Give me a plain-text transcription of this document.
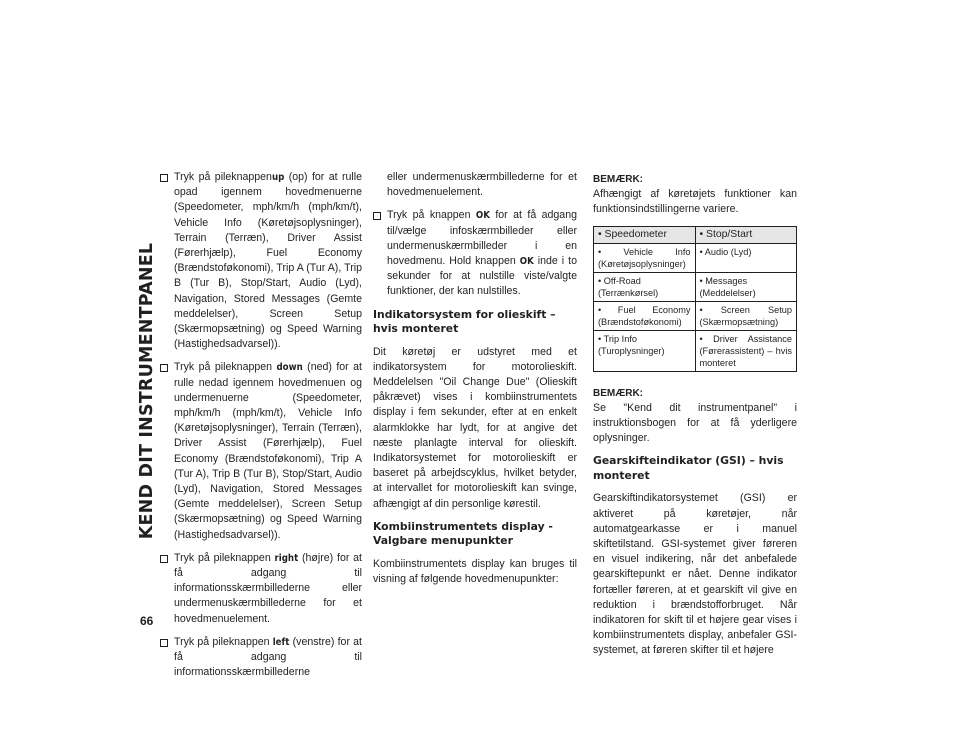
KEND DIT INSTRUMENTPANEL
66
Tryk på pileknappenup (op) for at rulle opad igennem hovedmenuerne (Speedometer, mph/km/h (mph/km/t), Vehicle Info (Køretøjsoplysninger), Terrain (Terræn), Driver Assist (Førerhjælp), Fuel Economy (Brændstoføkonomi), Trip A (Tur A), Trip B (Tur B), Stop/Start, Audio (Lyd), Navigation, Stored Messages (Gemte meddelelser), Screen Setup (Skærmopsætning) og Speed Warning (Hastighedsadvarsel)).
Tryk på pileknappen down (ned) for at rulle nedad igennem hovedmenuen og undermenuerne (Speedometer, mph/km/h (mph/km/t), Vehicle Info (Køretøjsoplysninger), Terrain (Terræn), Driver Assist (Førerhjælp), Fuel Economy (Brændstoføkonomi), Trip A (Tur A), Trip B (Tur B), Stop/Start, Audio (Lyd), Navigation, Stored Messages (Gemte meddelelser), Screen Setup (Skærmopsætning) og Speed Warning (Hastighedsadvarsel)).
Tryk på pileknappen right (højre) for at få adgang til informationsskærmbillederne eller undermenuskærmbillederne for et hovedmenuelement.
Tryk på pileknappen left (venstre) for at få adgang til informationsskærmbillederne
eller undermenuskærmbillederne for et hovedmenuelement.
Tryk på knappen OK for at få adgang til/vælge infoskærmbilleder eller undermenuskærmbilleder i en hovedmenu. Hold knappen OK inde i to sekunder for at nulstille viste/valgte funktioner, der kan nulstilles.
Indikatorsystem for olieskift – hvis monteret

Dit køretøj er udstyret med et indikatorsystem for motorolieskift. Meddelelsen "Oil Change Due" (Olieskift påkrævet) vises i kombiinstrumentets display i fem sekunder, efter at en enkelt alarmklokke har lydt, for at angive det næste planlagte interval for olieskift. Indikatorsystemet for motorolieskift er baseret på arbejdscyklus, hvilket betyder, at intervallet for motorolieskift kan svinge, afhængigt af din personlige kørestil.

Kombiinstrumentets display - Valgbare menupunkter

Kombiinstrumentets display kan bruges til visning af følgende hovedmenupunkter:

BEMÆRK:

Afhængigt af køretøjets funktioner kan funktionsindstillingerne variere.

• Speedometer	• Stop/Start
• Vehicle Info (Køretøjsoplysninger)	• Audio (Lyd)
• Off-Road (Terrænkørsel)	• Messages (Meddelelser)
• Fuel Economy (Brændstoføkonomi)	• Screen Setup (Skærmopsætning)
• Trip Info (Turoplysninger)	• Driver Assistance (Førerassistent) – hvis monteret
BEMÆRK:

Se "Kend dit instrumentpanel" i instruktionsbogen for at få yderligere oplysninger.

Gearskifteindikator (GSI) – hvis monteret

Gearskiftindikatorsystemet (GSI) er aktiveret på køretøjer, når automatgearkasse er i manuel skiftetilstand. GSI-systemet giver føreren en visuel indikering, når det anbefalede gearskiftepunkt er nået. Denne indikator fortæller føreren, at et gearskift vil give en reduktion i brændstofforbruget. Når indikatoren for skift til et højere gear vises i kombiinstrumentets display, anbefaler GSI-systemet, at føreren skifter til et højere
